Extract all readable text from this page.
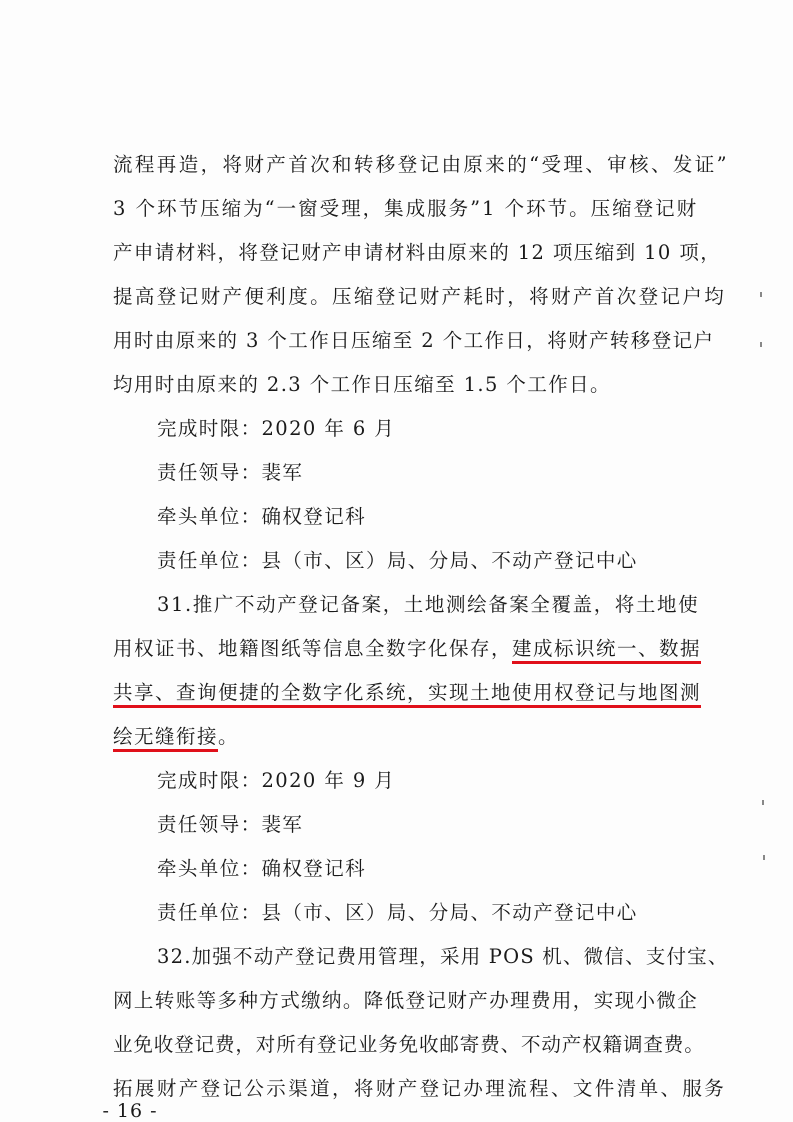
流程再造，将财产首次和转移登记由原来的“受理、审核、发证”
3 个环节压缩为“一窗受理，集成服务”1 个环节。压缩登记财
产申请材料，将登记财产申请材料由原来的 12 项压缩到 10 项，
提高登记财产便利度。压缩登记财产耗时，将财产首次登记户均
用时由原来的 3 个工作日压缩至 2 个工作日，将财产转移登记户
均用时由原来的 2.3 个工作日压缩至 1.5 个工作日。
完成时限：2020 年 6 月
责任领导：裴军
牵头单位：确权登记科
责任单位：县（市、区）局、分局、不动产登记中心
31.推广不动产登记备案，土地测绘备案全覆盖，将土地使
用权证书、地籍图纸等信息全数字化保存，建成标识统一、数据
共享、查询便捷的全数字化系统，实现土地使用权登记与地图测
绘无缝衔接。
完成时限：2020 年 9 月
责任领导：裴军
牵头单位：确权登记科
责任单位：县（市、区）局、分局、不动产登记中心
32.加强不动产登记费用管理，采用 POS 机、微信、支付宝、
网上转账等多种方式缴纳。降低登记财产办理费用，实现小微企
业免收登记费，对所有登记业务免收邮寄费、不动产权籍调查费。
拓展财产登记公示渠道，将财产登记办理流程、文件清单、服务
- 16 -
